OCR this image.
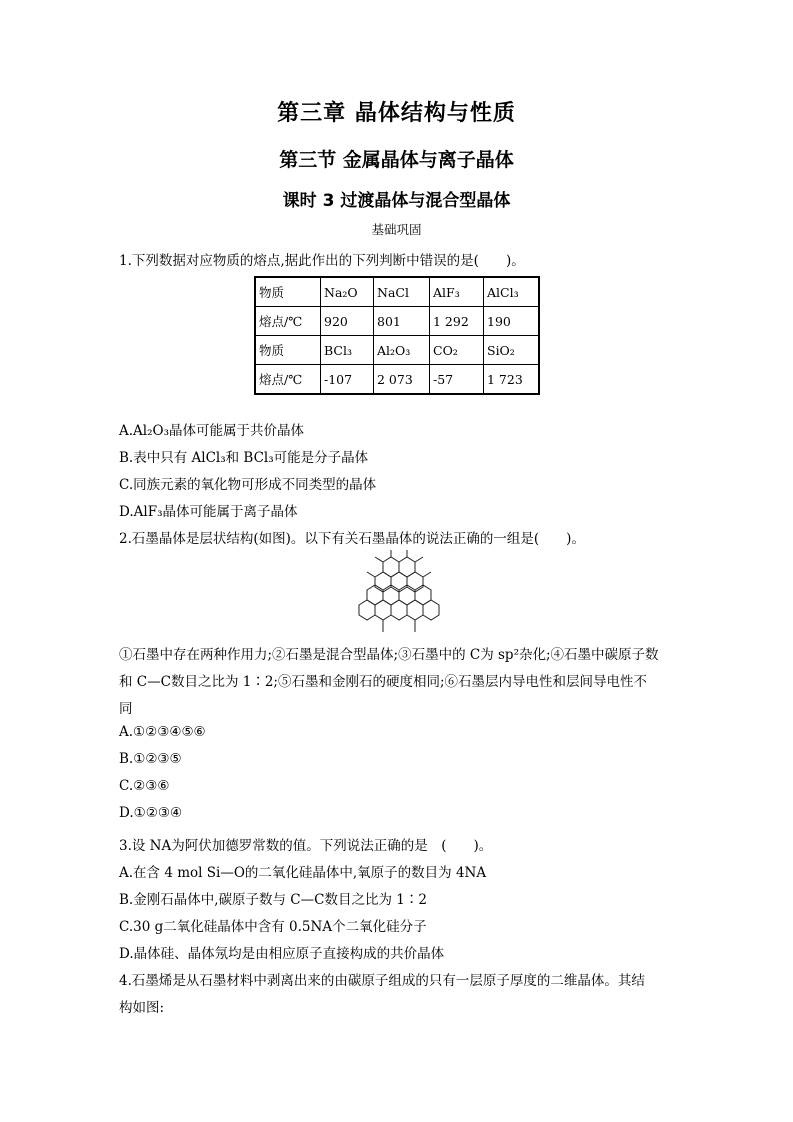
第三章 晶体结构与性质
第三节 金属晶体与离子晶体
课时 3 过渡晶体与混合型晶体
基础巩固
1.下列数据对应物质的熔点,据此作出的下列判断中错误的是(　　)。
物质	Na₂O	NaCl	AlF₃	AlCl₃
熔点/℃	920	801	1 292	190
物质	BCl₃	Al₂O₃	CO₂	SiO₂
熔点/℃	-107	2 073	-57	1 723
A.Al₂O₃晶体可能属于共价晶体
B.表中只有 AlCl₃和 BCl₃可能是分子晶体
C.同族元素的氧化物可形成不同类型的晶体
D.AlF₃晶体可能属于离子晶体
2.石墨晶体是层状结构(如图)。以下有关石墨晶体的说法正确的一组是(　　)。
①石墨中存在两种作用力;②石墨是混合型晶体;③石墨中的 C为 sp²杂化;④石墨中碳原子数
和 C—C数目之比为 1∶2;⑤石墨和金刚石的硬度相同;⑥石墨层内导电性和层间导电性不
同
A.①②③④⑤⑥
B.①②③⑤
C.②③⑥
D.①②③④
3.设 NA为阿伏加德罗常数的值。下列说法正确的是　(　　)。
A.在含 4 mol Si—O的二氧化硅晶体中,氧原子的数目为 4NA
B.金刚石晶体中,碳原子数与 C—C数目之比为 1∶2
C.30 g二氧化硅晶体中含有 0.5NA个二氧化硅分子
D.晶体硅、晶体氖均是由相应原子直接构成的共价晶体
4.石墨烯是从石墨材料中剥离出来的由碳原子组成的只有一层原子厚度的二维晶体。其结
构如图:
